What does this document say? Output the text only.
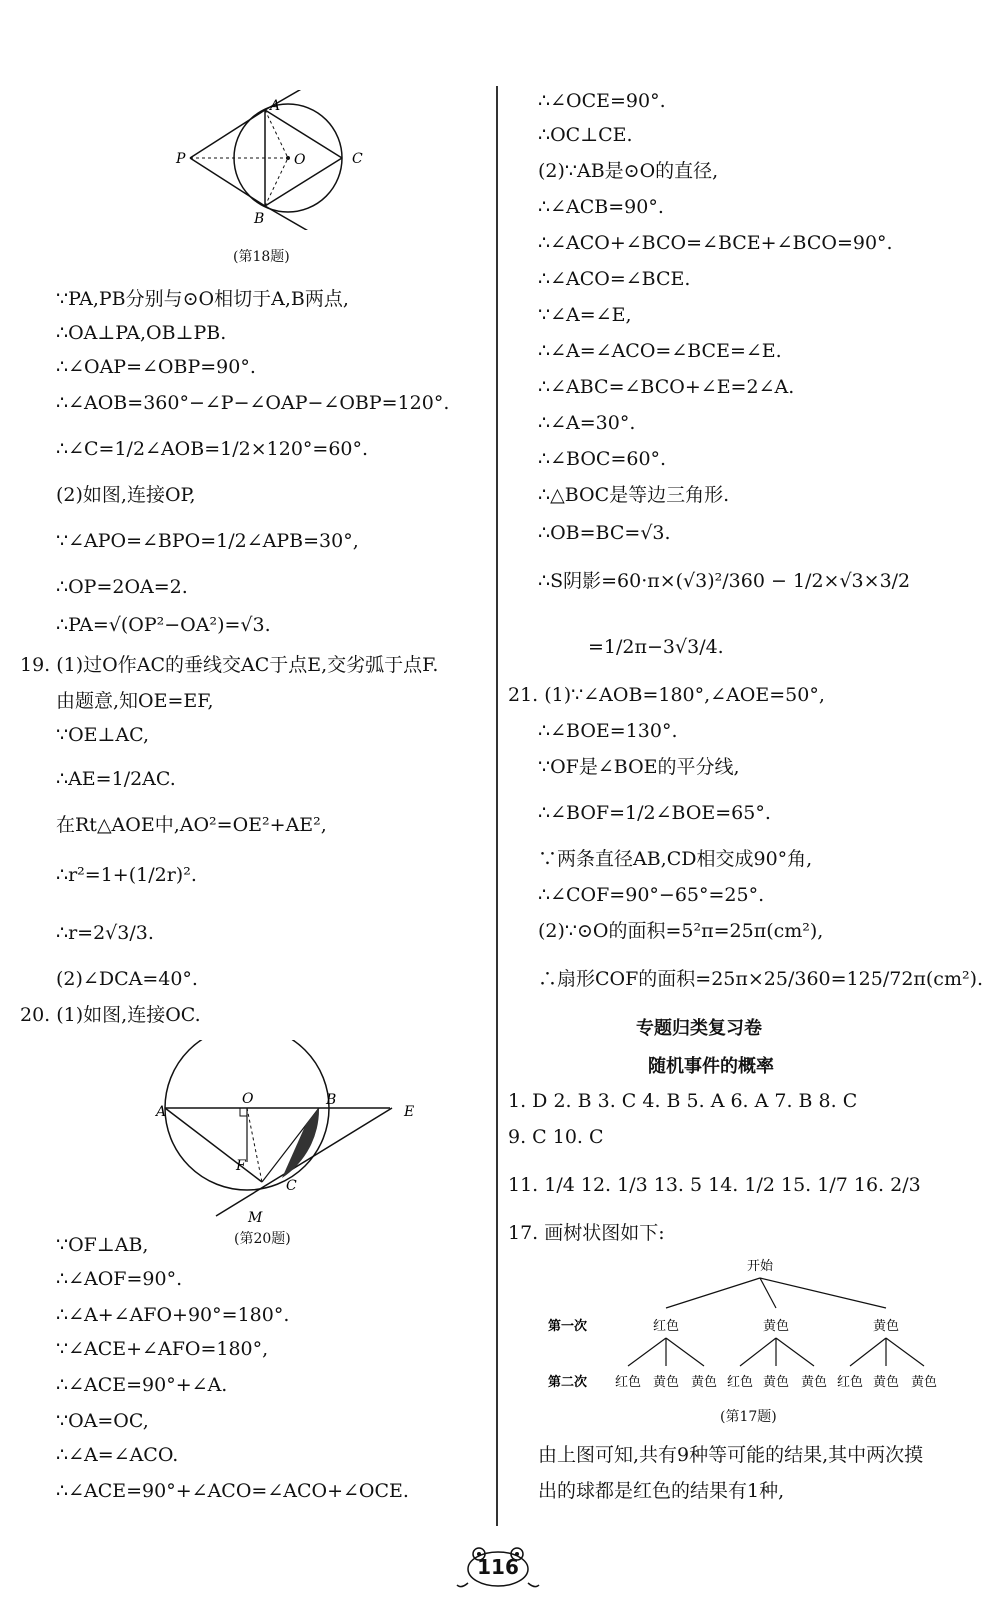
A
P	O	C
B
(第18题)
∵PA,PB分别与⊙O相切于A,B两点,
∴OA⊥PA,OB⊥PB.
∴∠OAP=∠OBP=90°.
∴∠AOB=360°−∠P−∠OAP−∠OBP=120°.
∴∠C=1/2∠AOB=1/2×120°=60°.
(2)如图,连接OP,
∵∠APO=∠BPO=1/2∠APB=30°,
∴OP=2OA=2.
∴PA=√(OP²−OA²)=√3.
19. (1)过O作AC的垂线交AC于点E,交劣弧于点F.
由题意,知OE=EF,
∵OE⊥AC,
∴AE=1/2AC.
在Rt△AOE中,AO²=OE²+AE²,
∴r²=1+(1/2r)².
∴r=2√3/3.
(2)∠DCA=40°.
20. (1)如图,连接OC.
A
O	B
E
F
C
M
(第20题)
∵OF⊥AB,
∴∠AOF=90°.
∴∠A+∠AFO+90°=180°.
∵∠ACE+∠AFO=180°,
∴∠ACE=90°+∠A.
∵OA=OC,
∴∠A=∠ACO.
∴∠ACE=90°+∠ACO=∠ACO+∠OCE.
∴∠OCE=90°.
∴OC⊥CE.
(2)∵AB是⊙O的直径,
∴∠ACB=90°.
∴∠ACO+∠BCO=∠BCE+∠BCO=90°.
∴∠ACO=∠BCE.
∵∠A=∠E,
∴∠A=∠ACO=∠BCE=∠E.
∴∠ABC=∠BCO+∠E=2∠A.
∴∠A=30°.
∴∠BOC=60°.
∴△BOC是等边三角形.
∴OB=BC=√3.
∴S阴影=60·π×(√3)²/360 − 1/2×√3×3/2
=1/2π−3√3/4.
21. (1)∵∠AOB=180°,∠AOE=50°,
∴∠BOE=130°.
∵OF是∠BOE的平分线,
∴∠BOF=1/2∠BOE=65°.
∵两条直径AB,CD相交成90°角,
∴∠COF=90°−65°=25°.
(2)∵⊙O的面积=5²π=25π(cm²),
∴扇形COF的面积=25π×25/360=125/72π(cm²).
专题归类复习卷
随机事件的概率
1. D 2. B 3. C 4. B 5. A 6. A 7. B 8. C
9. C 10. C
11. 1/4 12. 1/3 13. 5 14. 1/2 15. 1/7 16. 2/3
17. 画树状图如下:
开始
第一次	红色	黄色	黄色
第二次 红色 黄色 黄色 红色 黄色 黄色 红色 黄色 黄色
(第17题)
由上图可知,共有9种等可能的结果,其中两次摸
出的球都是红色的结果有1种,
116
